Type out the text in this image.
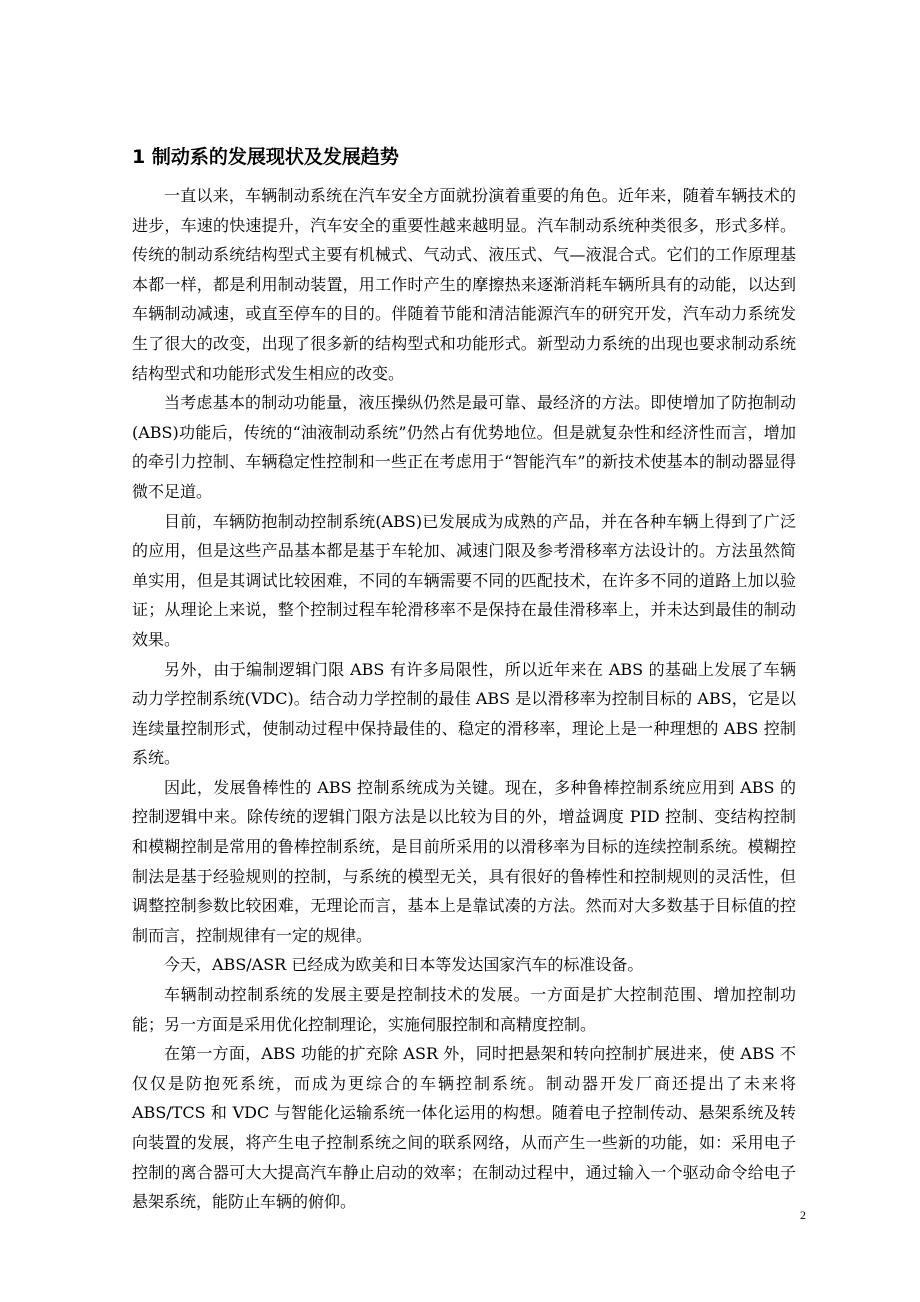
1 制动系的发展现状及发展趋势

一直以来，车辆制动系统在汽车安全方面就扮演着重要的角色。近年来，随着车辆技术的进步，车速的快速提升，汽车安全的重要性越来越明显。汽车制动系统种类很多，形式多样。传统的制动系统结构型式主要有机械式、气动式、液压式、气—液混合式。它们的工作原理基本都一样，都是利用制动装置，用工作时产生的摩擦热来逐渐消耗车辆所具有的动能，以达到车辆制动减速，或直至停车的目的。伴随着节能和清洁能源汽车的研究开发，汽车动力系统发生了很大的改变，出现了很多新的结构型式和功能形式。新型动力系统的出现也要求制动系统结构型式和功能形式发生相应的改变。

当考虑基本的制动功能量，液压操纵仍然是最可靠、最经济的方法。即使增加了防抱制动(ABS)功能后，传统的“油液制动系统”仍然占有优势地位。但是就复杂性和经济性而言，增加的牵引力控制、车辆稳定性控制和一些正在考虑用于“智能汽车”的新技术使基本的制动器显得微不足道。

目前，车辆防抱制动控制系统(ABS)已发展成为成熟的产品，并在各种车辆上得到了广泛的应用，但是这些产品基本都是基于车轮加、减速门限及参考滑移率方法设计的。方法虽然简单实用，但是其调试比较困难，不同的车辆需要不同的匹配技术，在许多不同的道路上加以验证；从理论上来说，整个控制过程车轮滑移率不是保持在最佳滑移率上，并未达到最佳的制动效果。

另外，由于编制逻辑门限 ABS 有许多局限性，所以近年来在 ABS 的基础上发展了车辆动力学控制系统(VDC)。结合动力学控制的最佳 ABS 是以滑移率为控制目标的 ABS，它是以连续量控制形式，使制动过程中保持最佳的、稳定的滑移率，理论上是一种理想的 ABS 控制系统。

因此，发展鲁棒性的 ABS 控制系统成为关键。现在，多种鲁棒控制系统应用到 ABS 的控制逻辑中来。除传统的逻辑门限方法是以比较为目的外，增益调度 PID 控制、变结构控制和模糊控制是常用的鲁棒控制系统，是目前所采用的以滑移率为目标的连续控制系统。模糊控制法是基于经验规则的控制，与系统的模型无关，具有很好的鲁棒性和控制规则的灵活性，但调整控制参数比较困难，无理论而言，基本上是靠试凑的方法。然而对大多数基于目标值的控制而言，控制规律有一定的规律。

今天，ABS/ASR 已经成为欧美和日本等发达国家汽车的标准设备。

车辆制动控制系统的发展主要是控制技术的发展。一方面是扩大控制范围、增加控制功能；另一方面是采用优化控制理论，实施伺服控制和高精度控制。

在第一方面，ABS 功能的扩充除 ASR 外，同时把悬架和转向控制扩展进来，使 ABS 不仅仅是防抱死系统，而成为更综合的车辆控制系统。制动器开发厂商还提出了未来将 ABS/TCS 和 VDC 与智能化运输系统一体化运用的构想。随着电子控制传动、悬架系统及转向装置的发展，将产生电子控制系统之间的联系网络，从而产生一些新的功能，如：采用电子控制的离合器可大大提高汽车静止启动的效率；在制动过程中，通过输入一个驱动命令给电子悬架系统，能防止车辆的俯仰。

2
